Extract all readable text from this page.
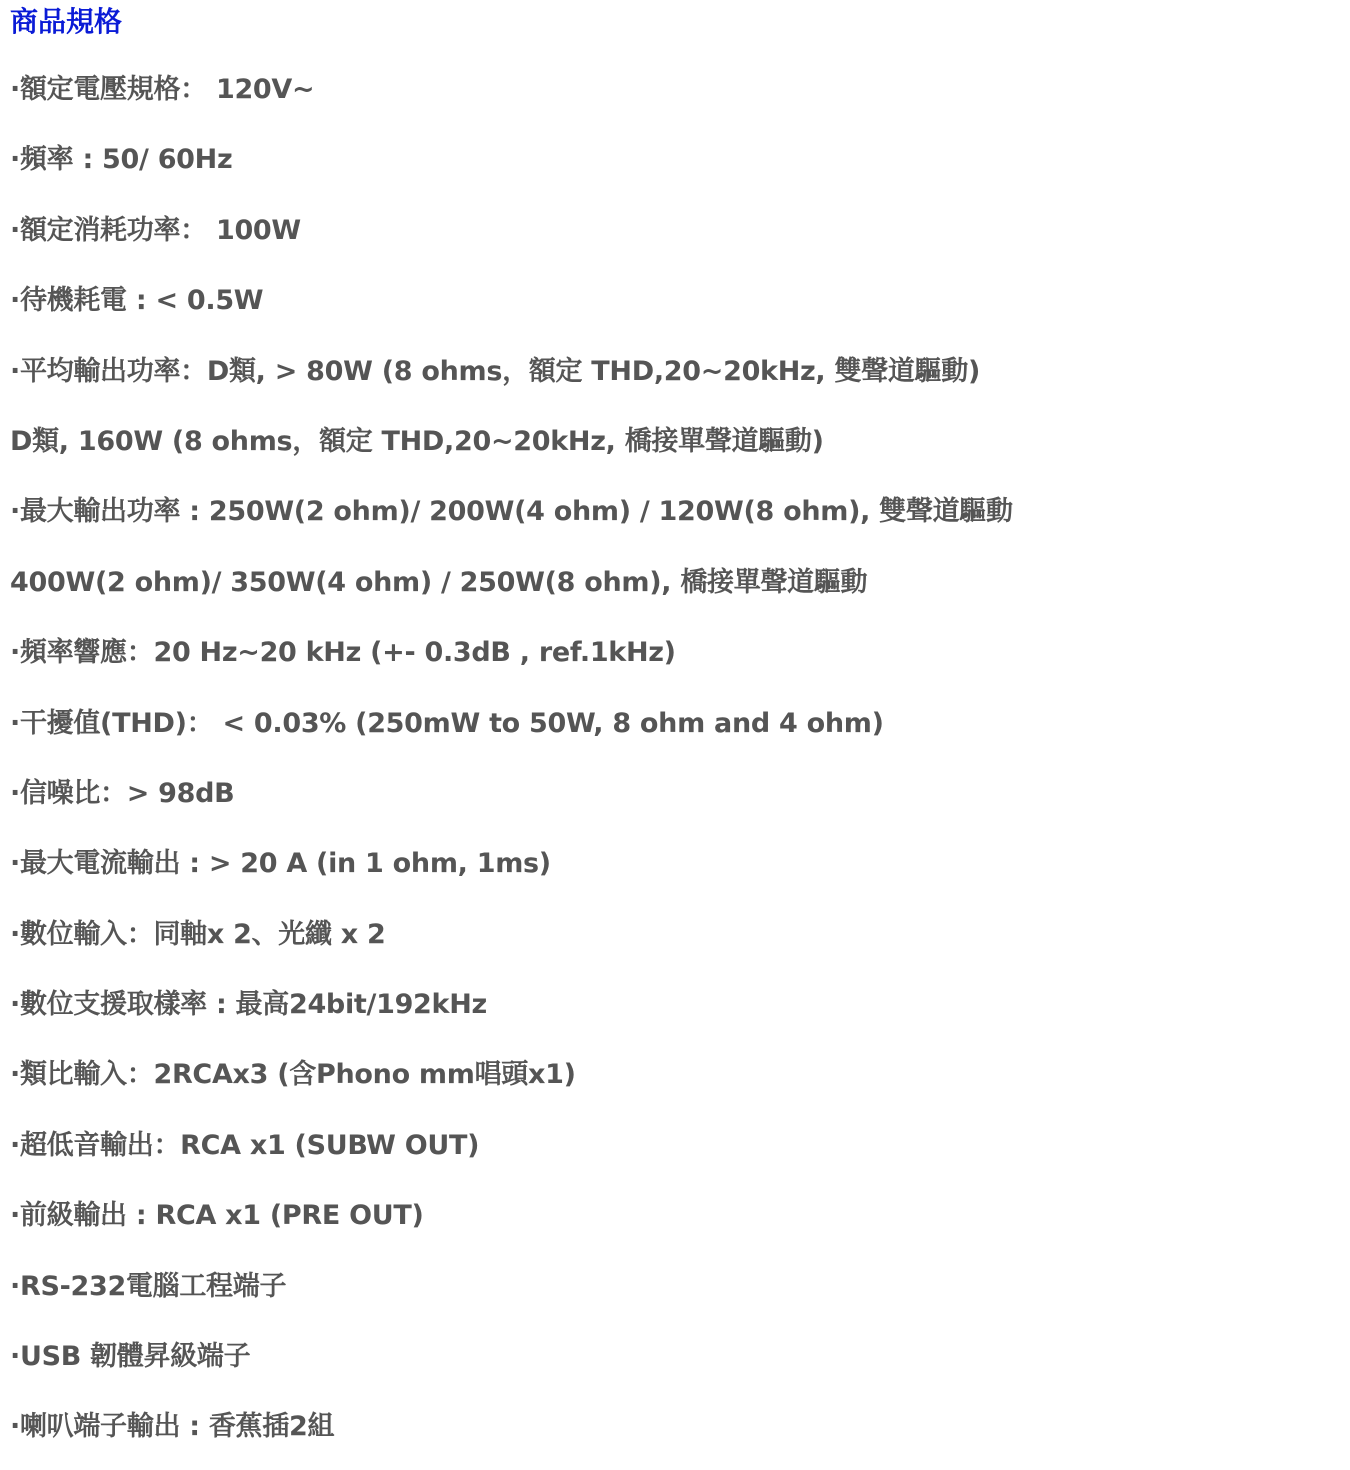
商品規格
·額定電壓規格： 120V~
·頻率 : 50/ 60Hz
·額定消耗功率： 100W
·待機耗電 : < 0.5W
·平均輸出功率：D類, > 80W (8 ohms，額定 THD,20~20kHz, 雙聲道驅動)
D類, 160W (8 ohms，額定 THD,20~20kHz, 橋接單聲道驅動)
·最大輸出功率 : 250W(2 ohm)/ 200W(4 ohm) / 120W(8 ohm), 雙聲道驅動
400W(2 ohm)/ 350W(4 ohm) / 250W(8 ohm), 橋接單聲道驅動
·頻率響應：20 Hz~20 kHz (+- 0.3dB , ref.1kHz)
·干擾值(THD)： < 0.03% (250mW to 50W, 8 ohm and 4 ohm)
·信噪比：> 98dB
·最大電流輸出 : > 20 A (in 1 ohm, 1ms)
·數位輸入：同軸x 2、光纖 x 2
·數位支援取樣率 : 最高24bit/192kHz
·類比輸入：2RCAx3 (含Phono mm唱頭x1)
·超低音輸出：RCA x1 (SUBW OUT)
·前級輸出 : RCA x1 (PRE OUT)
·RS-232電腦工程端子
·USB 韌體昇級端子
·喇叭端子輸出 : 香蕉插2組
